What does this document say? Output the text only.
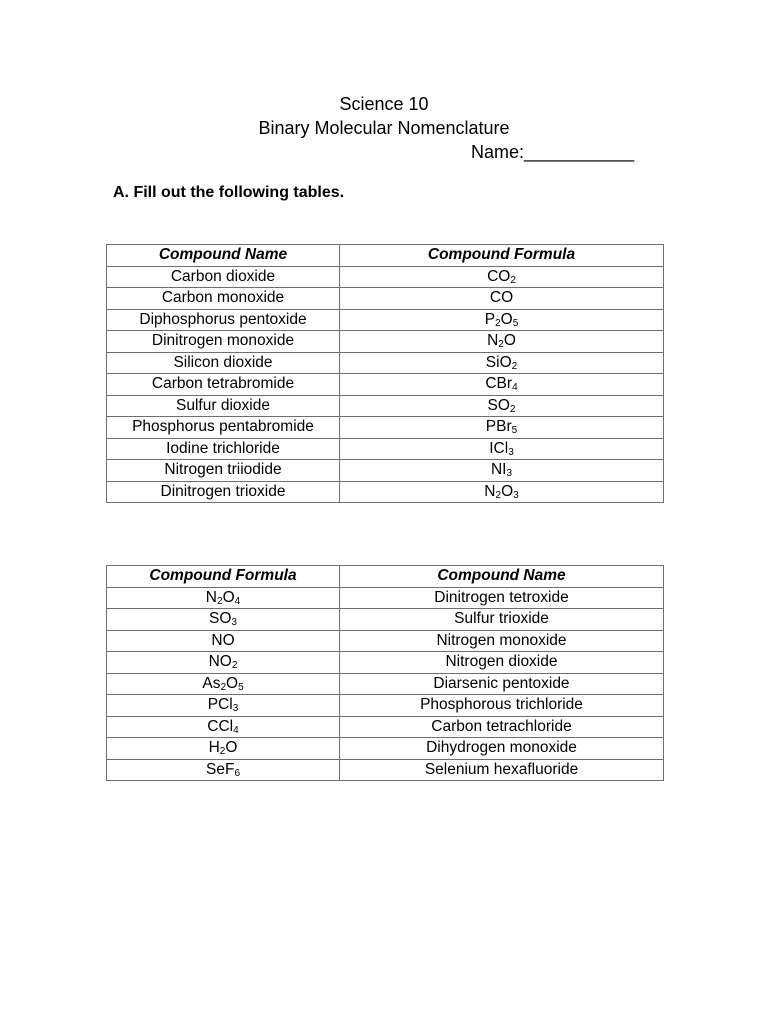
Science 10

Binary Molecular Nomenclature

Name:___________
A. Fill out the following tables.
Compound Name	Compound Formula
Carbon dioxide	$CO_2$
Carbon monoxide	CO
Diphosphorus pentoxide	$P_2O_5$
Dinitrogen monoxide	$N_2O$
Silicon dioxide	SiO$_2$
Carbon tetrabromide	CBr$_4$
Sulfur dioxide	$SO_2$
Phosphorus pentabromide	PBr$_5$
Iodine trichloride	ICl$_3$
Nitrogen triiodide	$NI_3$
Dinitrogen trioxide	$N_2O_3$
Compound Formula	Compound Name
$N_2O_4$	Dinitrogen tetroxide
$SO_3$	Sulfur trioxide
NO	Nitrogen monoxide
$NO_2$	Nitrogen dioxide
$As_2O_5$	Diarsenic pentoxide
PCl$_3$	Phosphorous trichloride
CCl$_4$	Carbon tetrachloride
$H_2O$	Dihydrogen monoxide
SeF$_6$	Selenium hexafluoride
